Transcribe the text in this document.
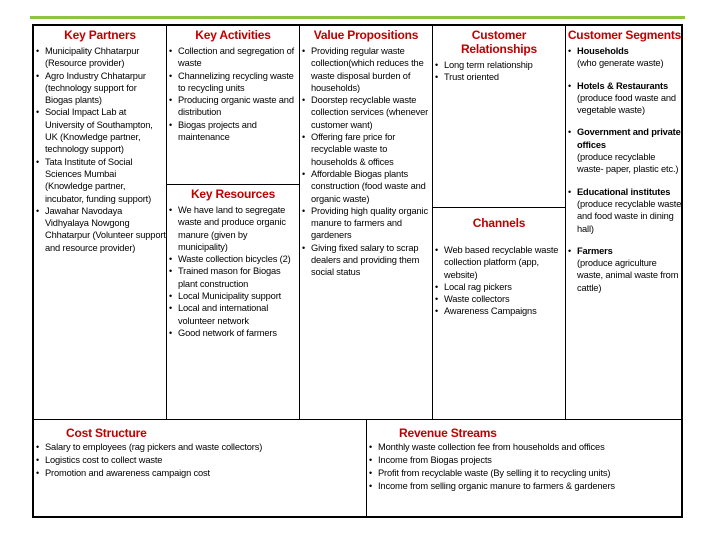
Key Partners
• Municipality Chhatarpur (Resource provider)
• Agro Industry Chhatarpur (technology support for Biogas plants)
• Social Impact Lab at University of Southampton, UK (Knowledge partner, technology support)
• Tata Institute of Social Sciences Mumbai (Knowledge partner, incubator, funding support)
• Jawahar Navodaya Vidhyalaya Nowgong Chhatarpur (Volunteer support and resource provider)
Key Activities
• Collection and segregation of waste
• Channelizing recycling waste to recycling units
• Producing organic waste and distribution
• Biogas projects and maintenance
Key Resources
• We have land to segregate waste and produce organic manure (given by municipality)
• Waste collection bicycles (2)
• Trained mason for Biogas plant construction
• Local Municipality support
• Local and international volunteer network
• Good network of farmers
Value Propositions
• Providing regular waste collection(which reduces the waste disposal burden of households)
• Doorstep recyclable waste collection services (whenever customer want)
• Offering fare price for recyclable waste to households & offices
• Affordable Biogas plants construction (food waste and organic waste)
• Providing high quality organic manure to farmers and gardeners
• Giving fixed salary to scrap dealers and providing them social status
Customer Relationships
• Long term relationship
• Trust oriented
Channels
• Web based recyclable waste collection platform (app, website)
• Local rag pickers
• Waste collectors
• Awareness Campaigns
Customer Segments
• Households
(who generate waste)
• Hotels & Restaurants
(produce food waste and vegetable waste)
• Government and private offices
(produce recyclable waste- paper, plastic etc.)
• Educational institutes
(produce recyclable waste and food waste in dining hall)
• Farmers
(produce agriculture waste, animal waste from cattle)
Cost Structure
• Salary to employees (rag pickers and waste collectors)
• Logistics cost to collect waste
• Promotion and awareness campaign cost
Revenue Streams
• Monthly waste collection fee from households and offices
• Income from Biogas projects
• Profit from recyclable waste (By selling it to recycling units)
• Income from selling organic manure to farmers & gardeners
